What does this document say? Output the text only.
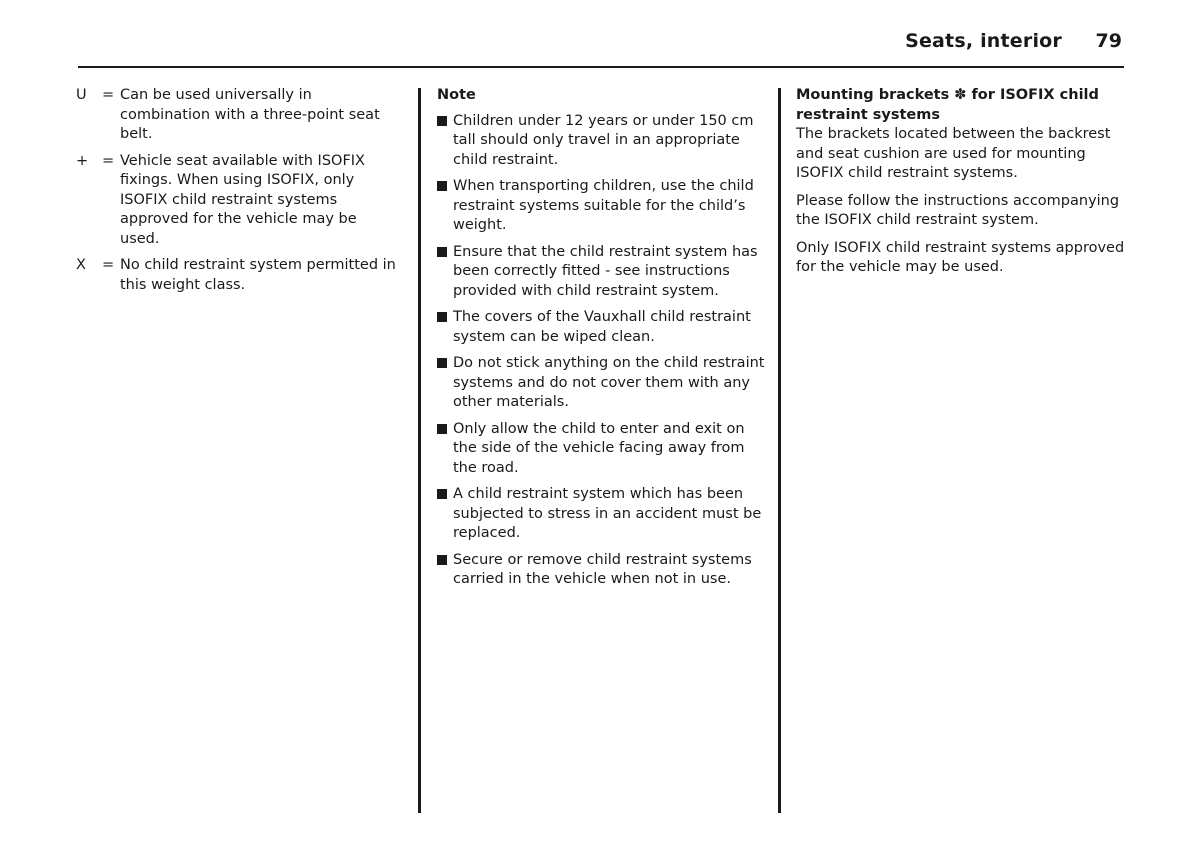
Seats, interior 79
U	= Can be used universally in combination with a three-point seat belt.
+ = Vehicle seat available with ISOFIX fixings. When using ISOFIX, only ISOFIX child restraint systems approved for the vehicle may be used.
X	= No child restraint system permitted in this weight class.
Note
Children under 12 years or under 150 cm tall should only travel in an appropriate child restraint.
When transporting children, use the child restraint systems suitable for the child’s weight.
Ensure that the child restraint system has been correctly fitted - see instructions provided with child restraint system.
The covers of the Vauxhall child restraint system can be wiped clean.
Do not stick anything on the child restraint systems and do not cover them with any other materials.
Only allow the child to enter and exit on the side of the vehicle facing away from the road.
A child restraint system which has been subjected to stress in an accident must be replaced.
Secure or remove child restraint systems carried in the vehicle when not in use.
Mounting brackets ✽ for ISOFIX child restraint systems
The brackets located between the backrest and seat cushion are used for mounting ISOFIX child restraint systems.
Please follow the instructions accompanying the ISOFIX child restraint system.
Only ISOFIX child restraint systems approved for the vehicle may be used.
